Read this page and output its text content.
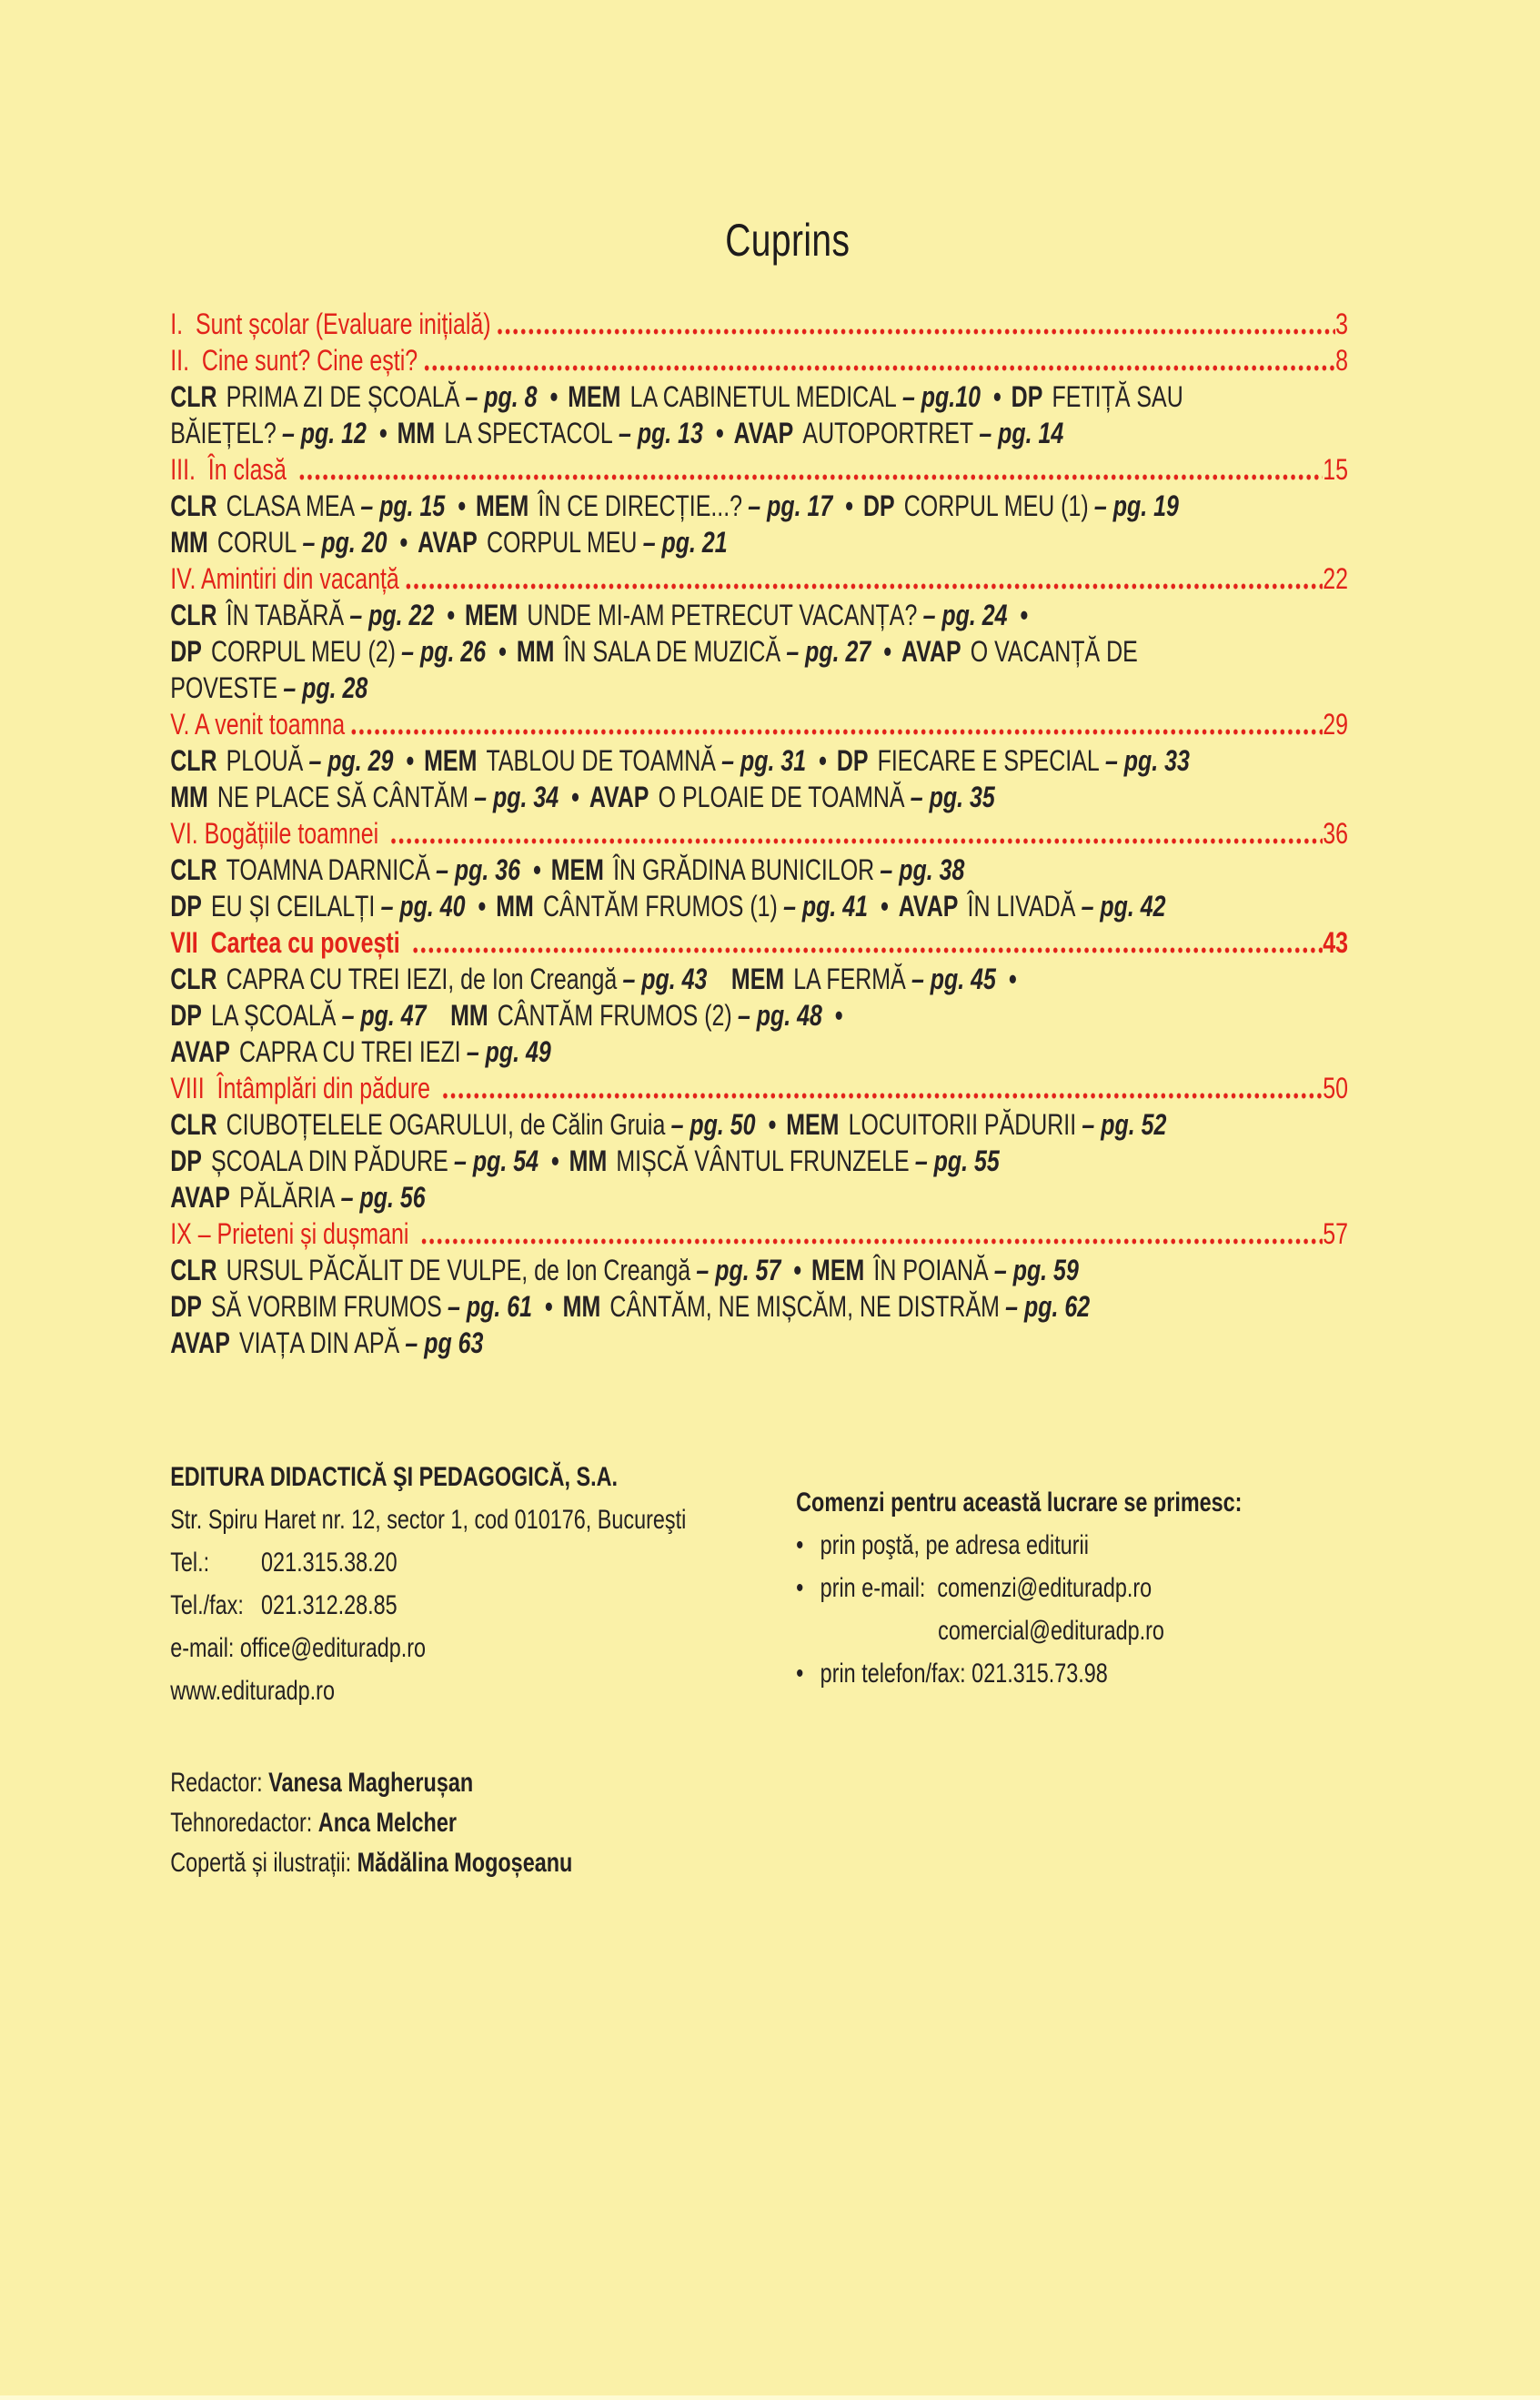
Cuprins
I.  Sunt școlar (Evaluare inițială)	3
II.  Cine sunt? Cine ești?	8
CLR PRIMA ZI DE ȘCOALĂ – pg. 8 • MEM LA CABINETUL MEDICAL – pg.10 • DP FETIȚĂ SAU
BĂIEȚEL? – pg. 12 • MM LA SPECTACOL – pg. 13 • AVAP AUTOPORTRET – pg. 14
III.  În clasă	15
CLR CLASA MEA – pg. 15 • MEM ÎN CE DIRECȚIE...? – pg. 17 • DP CORPUL MEU (1) – pg. 19
MM CORUL – pg. 20 • AVAP CORPUL MEU – pg. 21
IV. Amintiri din vacanță	22
CLR ÎN TABĂRĂ – pg. 22 • MEM UNDE MI-AM PETRECUT VACANȚA? – pg. 24 •
DP CORPUL MEU (2) – pg. 26 • MM ÎN SALA DE MUZICĂ – pg. 27 • AVAP O VACANȚĂ DE
POVESTE – pg. 28
V. A venit toamna	29
CLR PLOUĂ – pg. 29 • MEM TABLOU DE TOAMNĂ – pg. 31 • DP FIECARE E SPECIAL – pg. 33
MM NE PLACE SĂ CÂNTĂM – pg. 34 • AVAP O PLOAIE DE TOAMNĂ – pg. 35
VI. Bogățiile toamnei	36
CLR TOAMNA DARNICĂ – pg. 36 • MEM ÎN GRĂDINA BUNICILOR – pg. 38
DP EU ȘI CEILALȚI – pg. 40 • MM CÂNTĂM FRUMOS (1) – pg. 41 • AVAP ÎN LIVADĂ – pg. 42
VII  Cartea cu povești	43
CLR CAPRA CU TREI IEZI, de Ion Creangă – pg. 43 MEM LA FERMĂ – pg. 45 •
DP LA ȘCOALĂ – pg. 47 MM CÂNTĂM FRUMOS (2) – pg. 48 •
AVAP CAPRA CU TREI IEZI – pg. 49
VIII  Întâmplări din pădure	50
CLR CIUBOȚELELE OGARULUI, de Călin Gruia – pg. 50 • MEM LOCUITORII PĂDURII – pg. 52
DP ȘCOALA DIN PĂDURE – pg. 54 • MM MIȘCĂ VÂNTUL FRUNZELE – pg. 55
AVAP PĂLĂRIA – pg. 56
IX – Prieteni și dușmani	57
CLR URSUL PĂCĂLIT DE VULPE, de Ion Creangă – pg. 57 • MEM ÎN POIANĂ – pg. 59
DP SĂ VORBIM FRUMOS – pg. 61 • MM CÂNTĂM, NE MIȘCĂM, NE DISTRĂM – pg. 62
AVAP VIAȚA DIN APĂ – pg 63
EDITURA DIDACTICĂ ŞI PEDAGOGICĂ, S.A.
Str. Spiru Haret nr. 12, sector 1, cod 010176, Bucureşti
Tel.: 021.315.38.20
Tel./fax: 021.312.28.85
e-mail: office@edituradp.ro
www.edituradp.ro
Comenzi pentru această lucrare se primesc:
• prin poştă, pe adresa editurii
• prin e-mail:  comenzi@edituradp.ro
comercial@edituradp.ro
• prin telefon/fax: 021.315.73.98
Redactor: Vanesa Magherușan
Tehnoredactor: Anca Melcher
Copertă și ilustrații: Mădălina Mogoșeanu
